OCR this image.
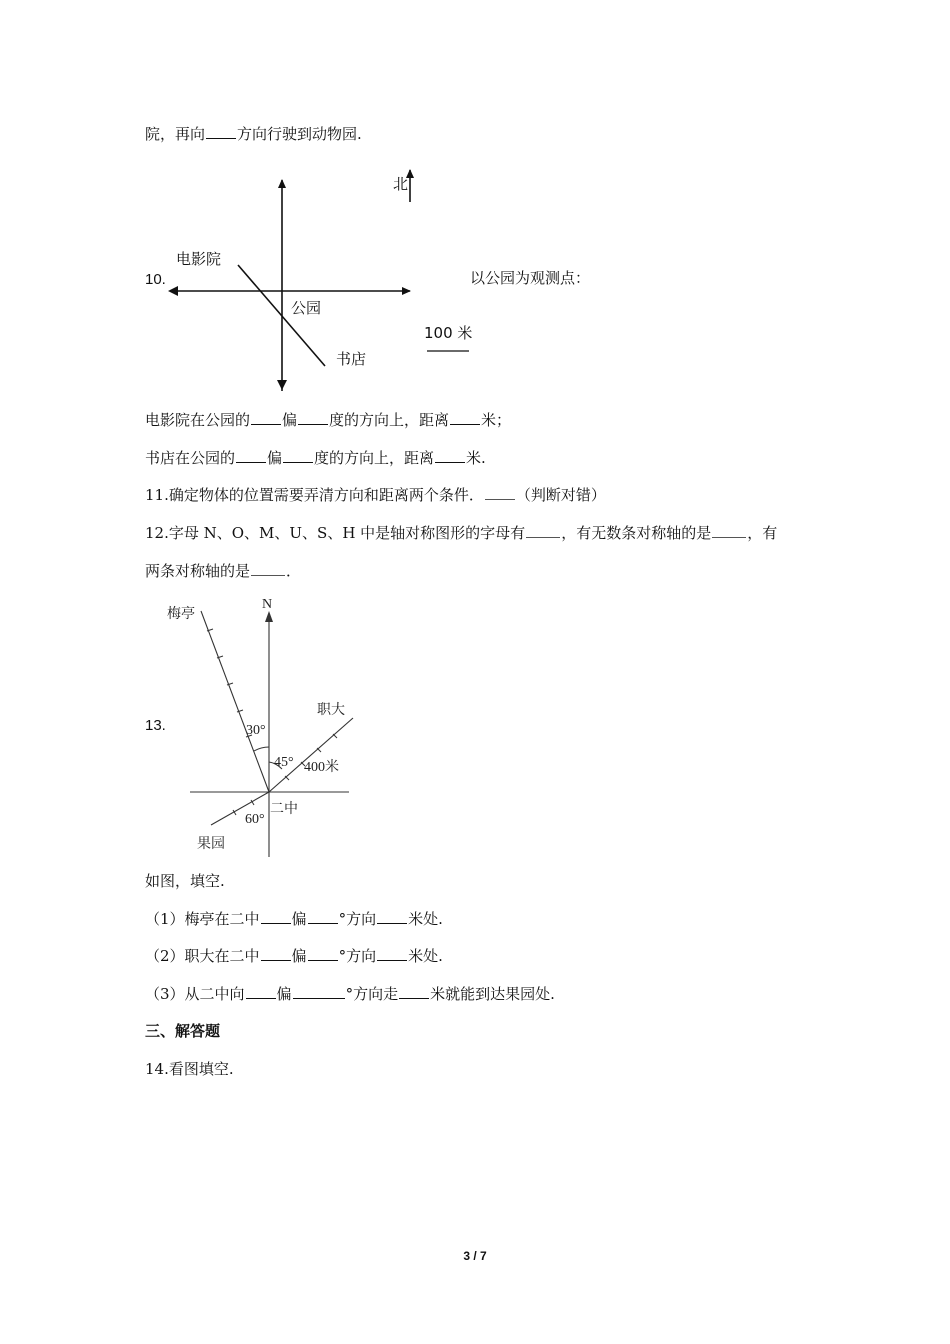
院，再向 方向行驶到动物园.
10.
北
电影院
公园
书店
100 米
以公园为观测点：
电影院在公园的 偏 度的方向上，距离 米；
书店在公园的 偏 度的方向上，距离 米.
11.确定物体的位置需要弄清方向和距离两个条件． （判断对错）
12.字母 N、O、M、U、S、H 中是轴对称图形的字母有 ，有无数条对称轴的是 ，有
两条对称轴的是 ．
13.
N
梅亭
职大
二中
果园
30°
45°
60°
400米
如图，填空.
（1）梅亭在二中 偏 °方向 米处.
（2）职大在二中 偏 °方向 米处.
（3）从二中向 偏	°方向走 米就能到达果园处.
三、解答题
14.看图填空.
3 / 7
